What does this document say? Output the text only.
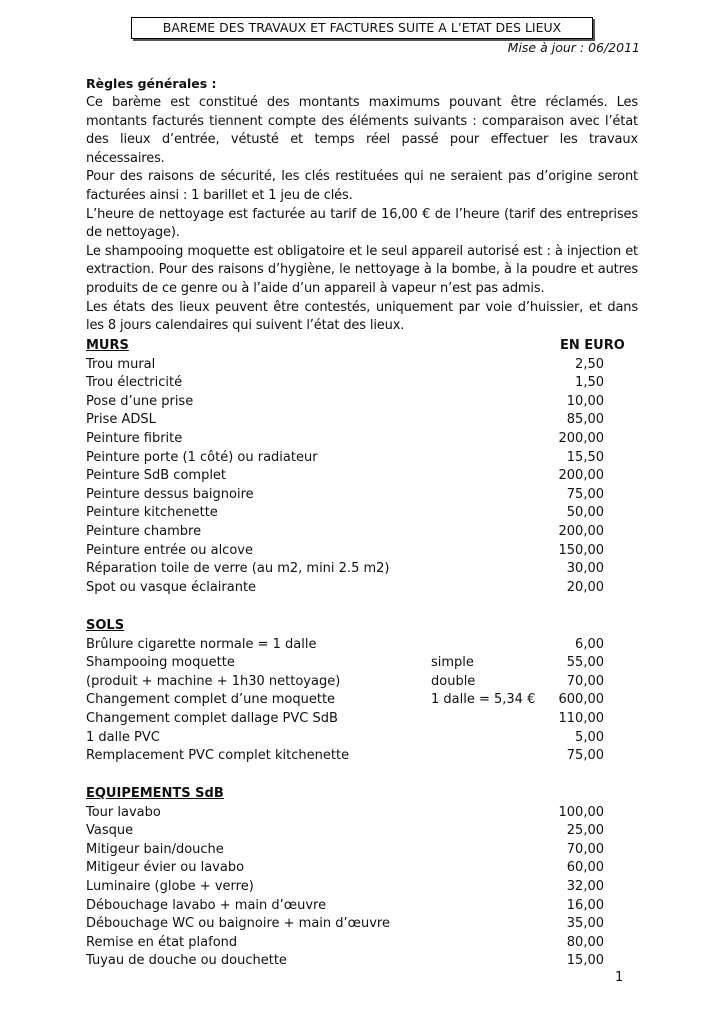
BAREME DES TRAVAUX ET FACTURES SUITE A L’ETAT DES LIEUX
Mise à jour : 06/2011
Règles générales :

Ce barème est constitué des montants maximums pouvant être réclamés. Les montants facturés tiennent compte des éléments suivants : comparaison avec l’état des lieux d’entrée, vétusté et temps réel passé pour effectuer les travaux nécessaires.

Pour des raisons de sécurité, les clés restituées qui ne seraient pas d’origine seront facturées ainsi : 1 barillet et 1 jeu de clés.

L’heure de nettoyage est facturée au tarif de 16,00 € de l’heure (tarif des entreprises de nettoyage).

Le shampooing moquette est obligatoire et le seul appareil autorisé est : à injection et extraction. Pour des raisons d’hygiène, le nettoyage à la bombe, à la poudre et autres produits de ce genre ou à l’aide d’un appareil à vapeur n’est pas admis.

Les états des lieux peuvent être contestés, uniquement par voie d’huissier, et dans les 8 jours calendaires qui suivent l’état des lieux.

MURS	EN EURO
Trou mural	2,50
Trou électricité	1,50
Pose d’une prise	10,00
Prise ADSL	85,00
Peinture fibrite	200,00
Peinture porte (1 côté) ou radiateur	15,50
Peinture SdB complet	200,00
Peinture dessus baignoire	75,00
Peinture kitchenette	50,00
Peinture chambre	200,00
Peinture entrée ou alcove	150,00
Réparation toile de verre (au m2, mini 2.5 m2)	30,00
Spot ou vasque éclairante	20,00
SOLS
Brûlure cigarette normale = 1 dalle	6,00
Shampooing moquette	simple	55,00
(produit + machine + 1h30 nettoyage)	double	70,00
Changement complet d’une moquette	1 dalle = 5,34 € 600,00
Changement complet dallage PVC SdB	110,00
1 dalle PVC	5,00
Remplacement PVC complet kitchenette	75,00
EQUIPEMENTS SdB
Tour lavabo	100,00
Vasque	25,00
Mitigeur bain/douche	70,00
Mitigeur évier ou lavabo	60,00
Luminaire (globe + verre)	32,00
Débouchage lavabo + main d’œuvre	16,00
Débouchage WC ou baignoire + main d’œuvre	35,00
Remise en état plafond	80,00
Tuyau de douche ou douchette	15,00
1
